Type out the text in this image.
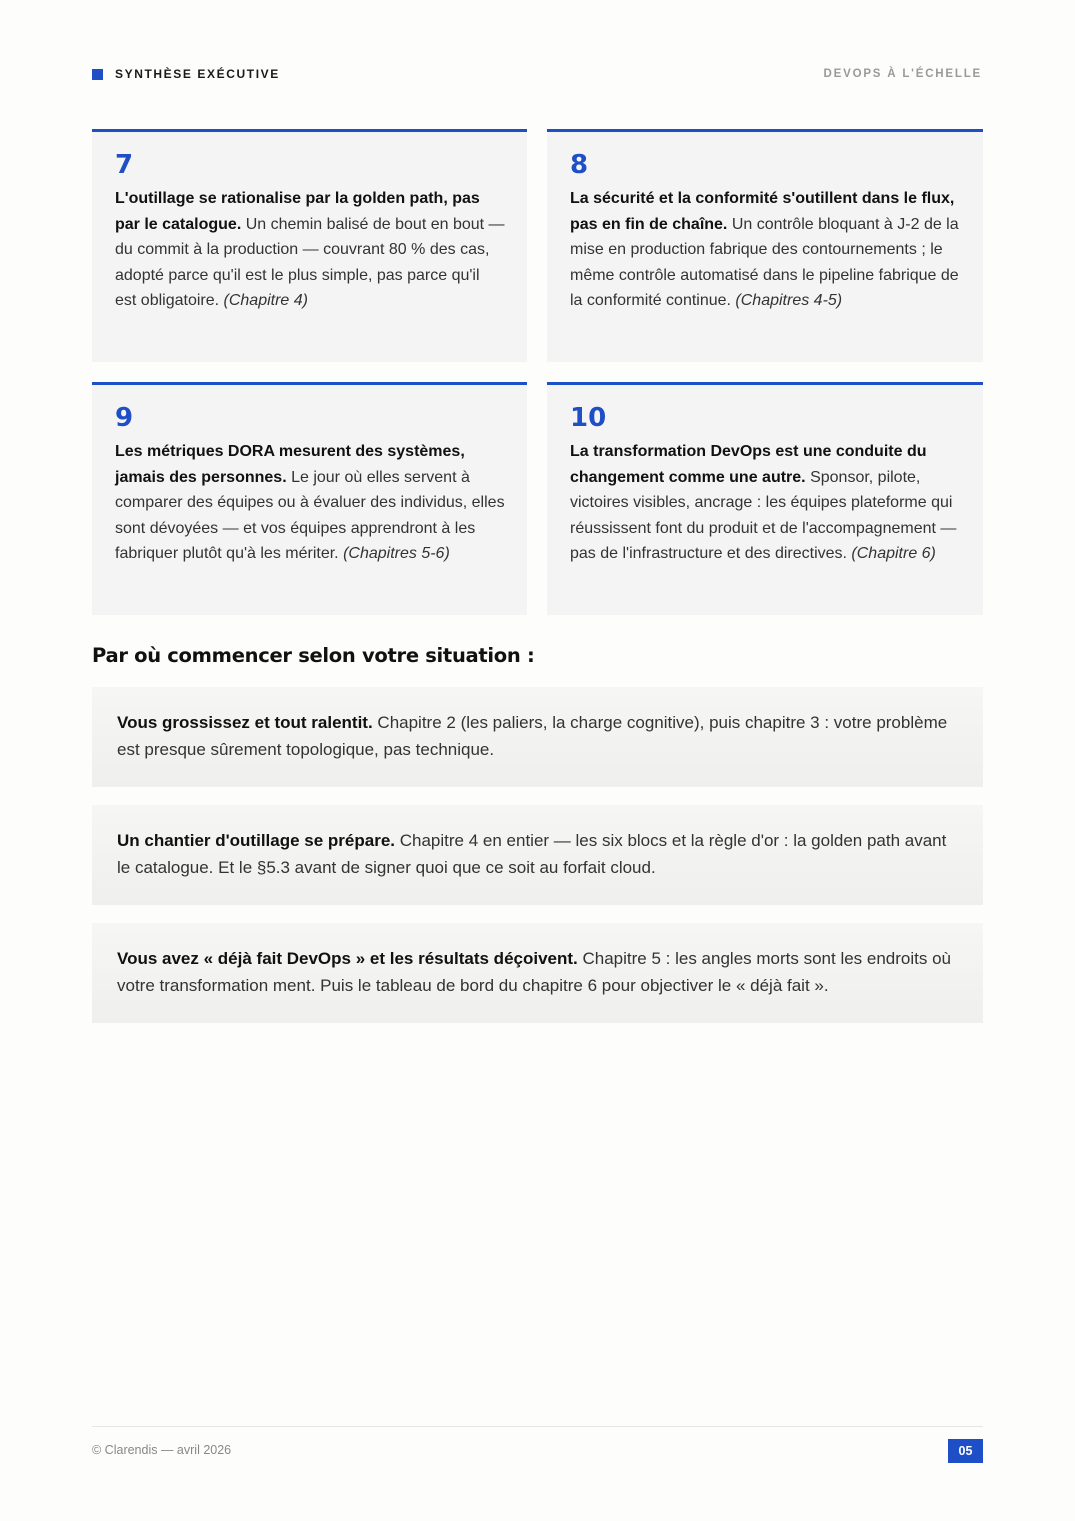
SYNTHÈSE EXÉCUTIVE	DEVOPS À L'ÉCHELLE
7
L'outillage se rationalise par la golden path, pas par le catalogue. Un chemin balisé de bout en bout — du commit à la production — couvrant 80 % des cas, adopté parce qu'il est le plus simple, pas parce qu'il est obligatoire. (Chapitre 4)
8
La sécurité et la conformité s'outillent dans le flux, pas en fin de chaîne. Un contrôle bloquant à J-2 de la mise en production fabrique des contournements ; le même contrôle automatisé dans le pipeline fabrique de la conformité continue. (Chapitres 4-5)
9
Les métriques DORA mesurent des systèmes, jamais des personnes. Le jour où elles servent à comparer des équipes ou à évaluer des individus, elles sont dévoyées — et vos équipes apprendront à les fabriquer plutôt qu'à les mériter. (Chapitres 5-6)
10
La transformation DevOps est une conduite du changement comme une autre. Sponsor, pilote, victoires visibles, ancrage : les équipes plateforme qui réussissent font du produit et de l'accompagnement — pas de l'infrastructure et des directives. (Chapitre 6)
Par où commencer selon votre situation :
Vous grossissez et tout ralentit. Chapitre 2 (les paliers, la charge cognitive), puis chapitre 3 : votre problème est presque sûrement topologique, pas technique.
Un chantier d'outillage se prépare. Chapitre 4 en entier — les six blocs et la règle d'or : la golden path avant le catalogue. Et le §5.3 avant de signer quoi que ce soit au forfait cloud.
Vous avez « déjà fait DevOps » et les résultats déçoivent. Chapitre 5 : les angles morts sont les endroits où votre transformation ment. Puis le tableau de bord du chapitre 6 pour objectiver le « déjà fait ».
© Clarendis — avril 2026	05
